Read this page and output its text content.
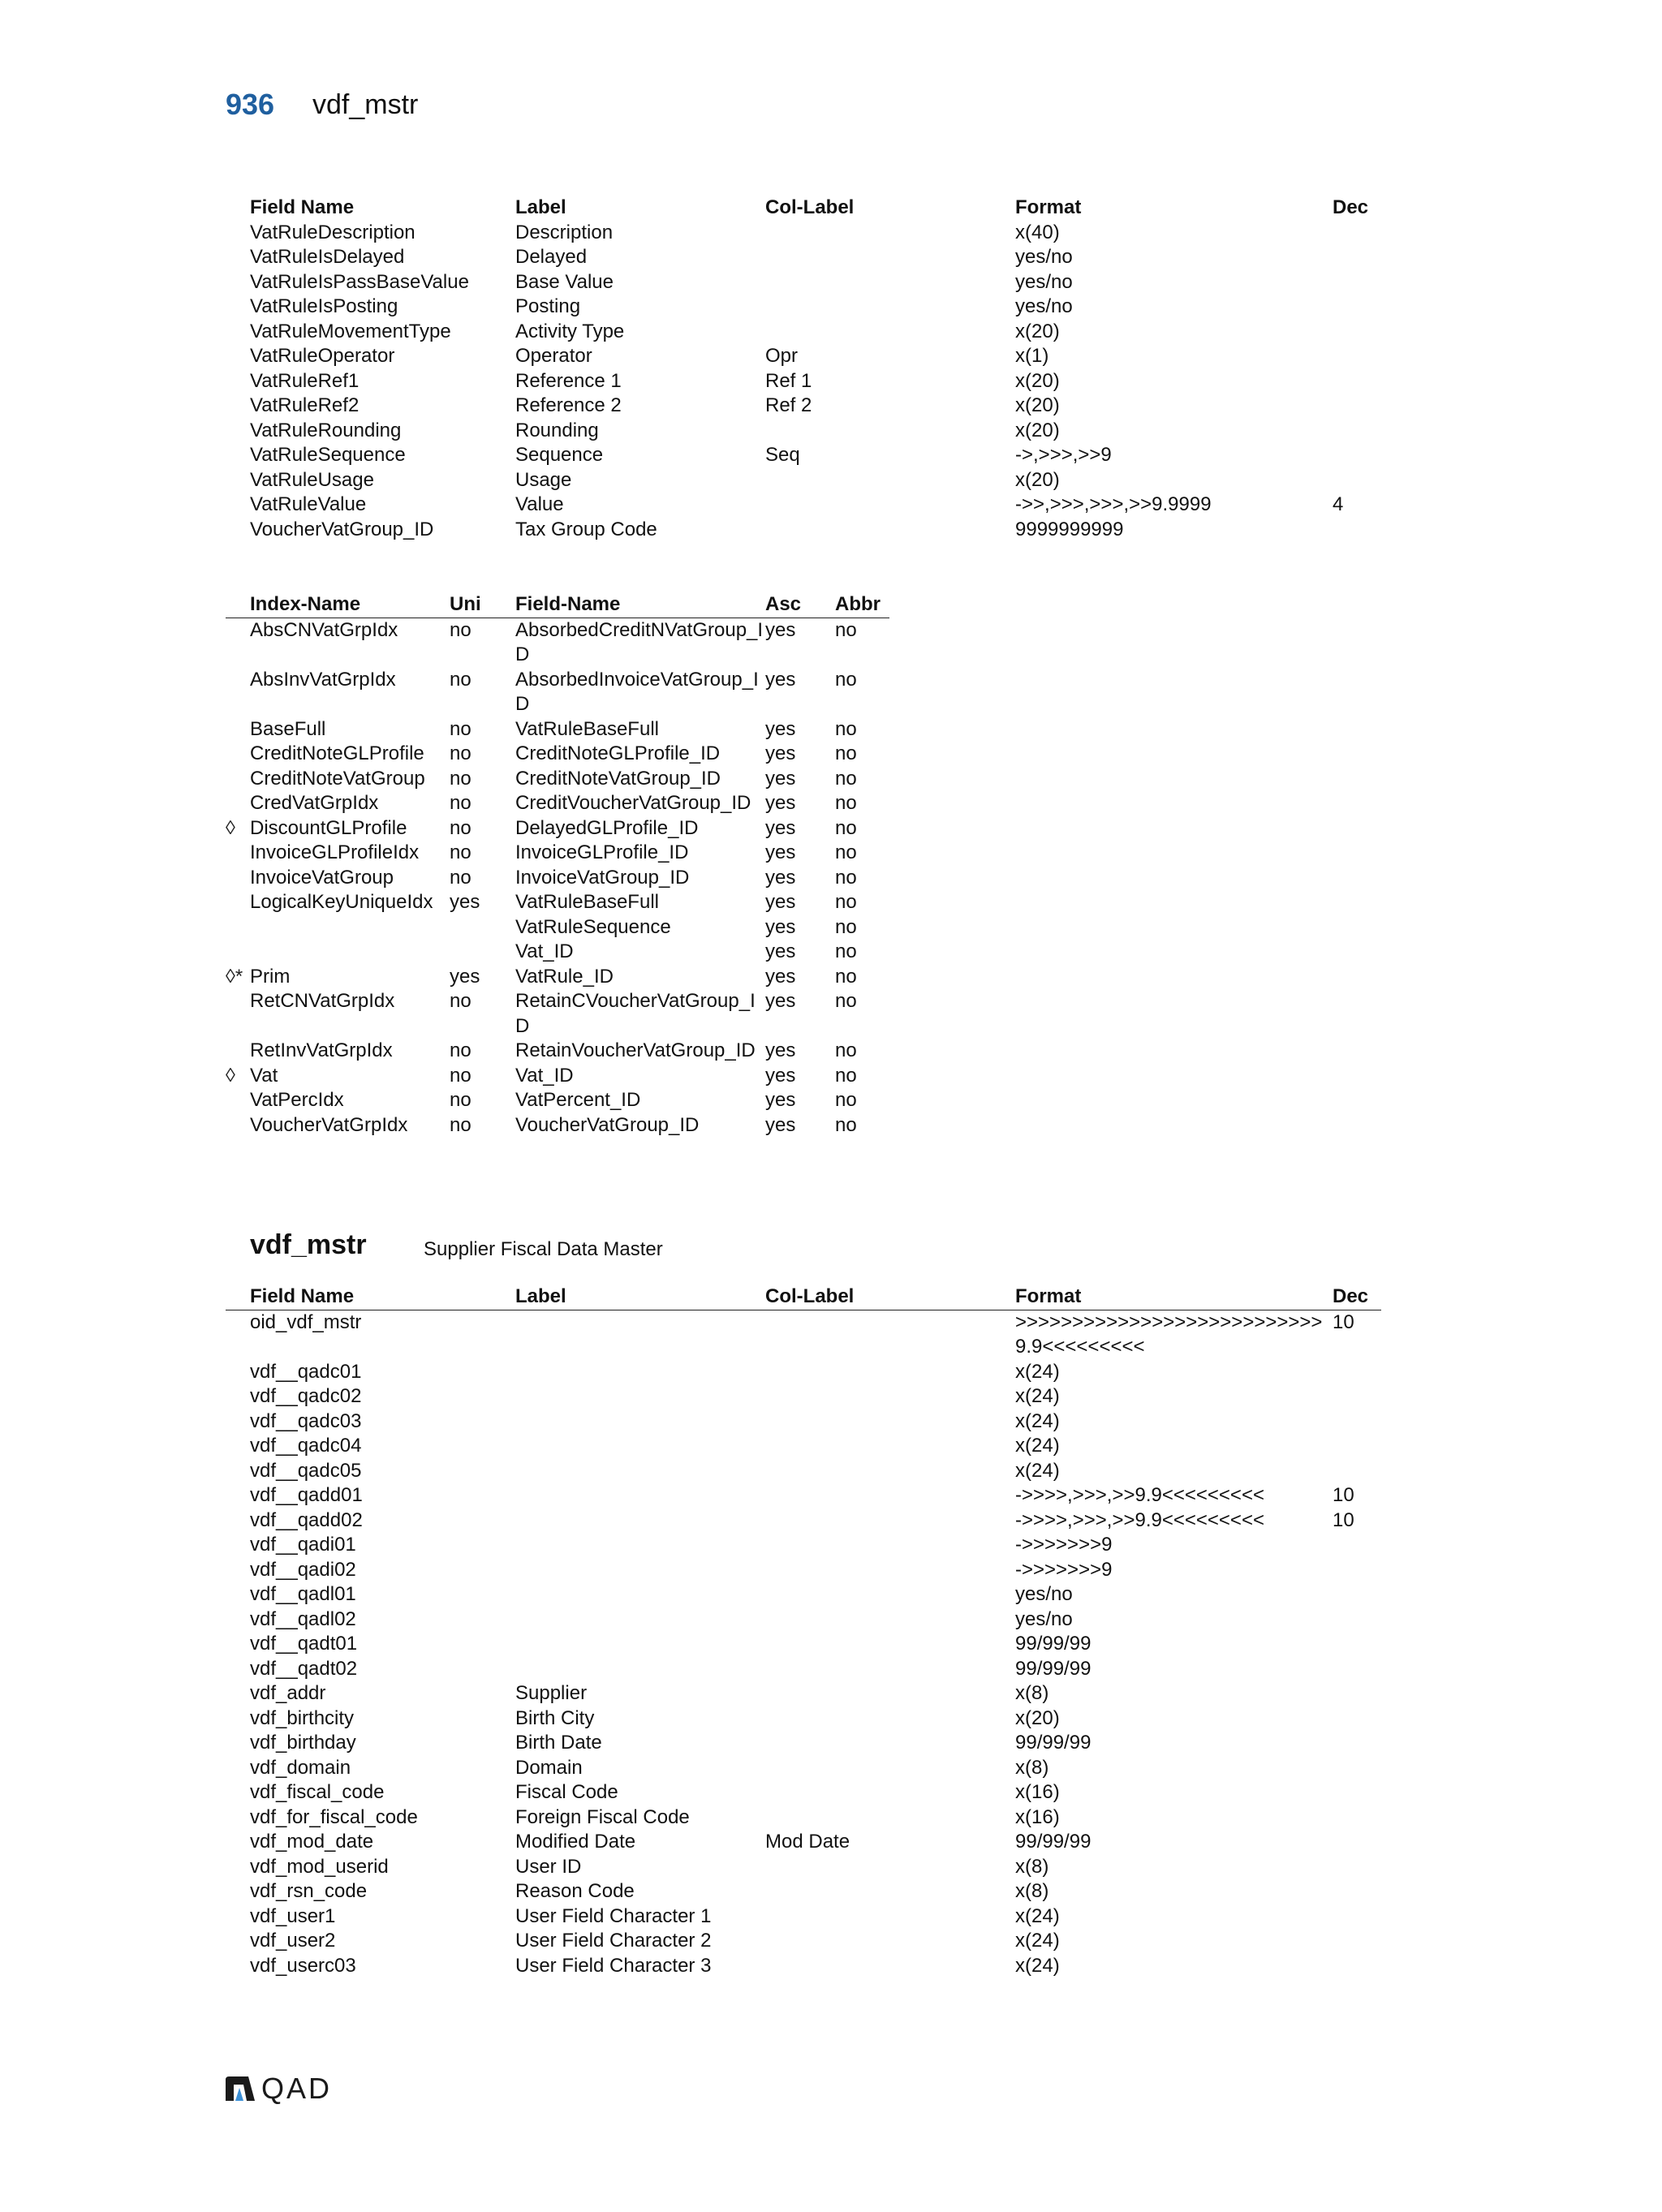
936 vdf_mstr
	Field Name	Label	Col-Label	Format	Dec
	VatRuleDescription	Description		x(40)	
	VatRuleIsDelayed	Delayed		yes/no	
	VatRuleIsPassBaseValue	Base Value		yes/no	
	VatRuleIsPosting	Posting		yes/no	
	VatRuleMovementType	Activity Type		x(20)	
	VatRuleOperator	Operator	Opr	x(1)	
	VatRuleRef1	Reference 1	Ref 1	x(20)	
	VatRuleRef2	Reference 2	Ref 2	x(20)	
	VatRuleRounding	Rounding		x(20)	
	VatRuleSequence	Sequence	Seq	->,>>>,>>9	
	VatRuleUsage	Usage		x(20)	
	VatRuleValue	Value		->>,>>>,>>>,>>9.9999	4
	VoucherVatGroup_ID	Tax Group Code		9999999999	
	Index-Name	Uni	Field-Name	Asc	Abbr
	AbsCNVatGrpIdx	no	AbsorbedCreditNVatGroup_ID	yes	no
	AbsInvVatGrpIdx	no	AbsorbedInvoiceVatGroup_ID	yes	no
	BaseFull	no	VatRuleBaseFull	yes	no
	CreditNoteGLProfile	no	CreditNoteGLProfile_ID	yes	no
	CreditNoteVatGroup	no	CreditNoteVatGroup_ID	yes	no
	CredVatGrpIdx	no	CreditVoucherVatGroup_ID	yes	no
◊	DiscountGLProfile	no	DelayedGLProfile_ID	yes	no
	InvoiceGLProfileIdx	no	InvoiceGLProfile_ID	yes	no
	InvoiceVatGroup	no	InvoiceVatGroup_ID	yes	no
	LogicalKeyUniqueIdx	yes	VatRuleBaseFull	yes	no
			VatRuleSequence	yes	no
			Vat_ID	yes	no
◊*	Prim	yes	VatRule_ID	yes	no
	RetCNVatGrpIdx	no	RetainCVoucherVatGroup_ID	yes	no
	RetInvVatGrpIdx	no	RetainVoucherVatGroup_ID	yes	no
◊	Vat	no	Vat_ID	yes	no
	VatPercIdx	no	VatPercent_ID	yes	no
	VoucherVatGrpIdx	no	VoucherVatGroup_ID	yes	no
vdf_mstr	Supplier Fiscal Data Master
	Field Name	Label	Col-Label	Format	Dec
	oid_vdf_mstr			>>>>>>>>>>>>>>>>>>>>>>>>>>>9.9<<<<<<<<<	10
	vdf__qadc01			x(24)	
	vdf__qadc02			x(24)	
	vdf__qadc03			x(24)	
	vdf__qadc04			x(24)	
	vdf__qadc05			x(24)	
	vdf__qadd01			->>>>,>>>,>>9.9<<<<<<<<<	10
	vdf__qadd02			->>>>,>>>,>>9.9<<<<<<<<<	10
	vdf__qadi01			->>>>>>>9	
	vdf__qadi02			->>>>>>>9	
	vdf__qadl01			yes/no	
	vdf__qadl02			yes/no	
	vdf__qadt01			99/99/99	
	vdf__qadt02			99/99/99	
	vdf_addr	Supplier		x(8)	
	vdf_birthcity	Birth City		x(20)	
	vdf_birthday	Birth Date		99/99/99	
	vdf_domain	Domain		x(8)	
	vdf_fiscal_code	Fiscal Code		x(16)	
	vdf_for_fiscal_code	Foreign Fiscal Code		x(16)	
	vdf_mod_date	Modified Date	Mod Date	99/99/99	
	vdf_mod_userid	User ID		x(8)	
	vdf_rsn_code	Reason Code		x(8)	
	vdf_user1	User Field Character 1		x(24)	
	vdf_user2	User Field Character 2		x(24)	
	vdf_userc03	User Field Character 3		x(24)	
QAD
